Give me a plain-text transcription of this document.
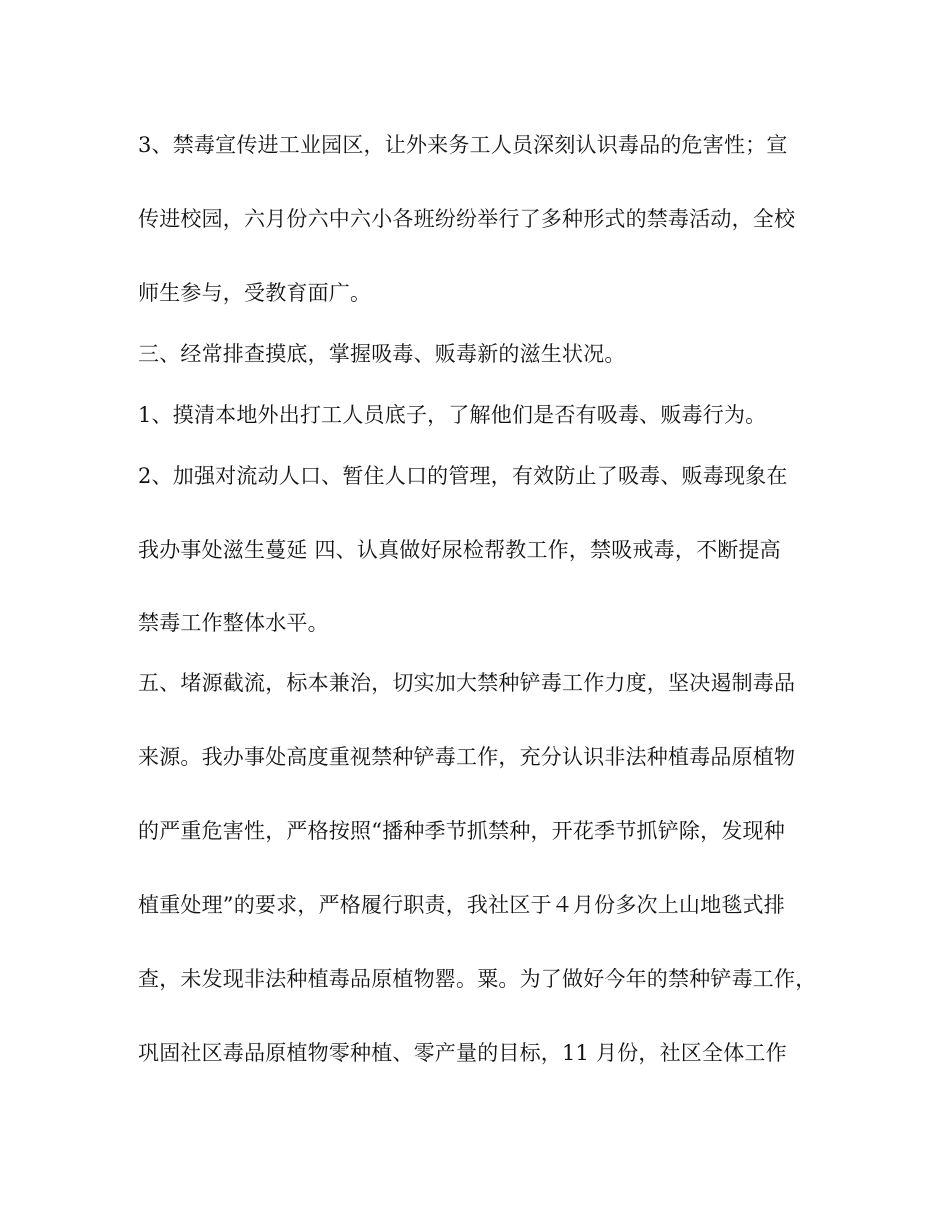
3、禁毒宣传进工业园区，让外来务工人员深刻认识毒品的危害性；宣
传进校园，六月份六中六小各班纷纷举行了多种形式的禁毒活动，全校
师生参与，受教育面广。
三、经常排查摸底，掌握吸毒、贩毒新的滋生状况。
1、摸清本地外出打工人员底子，了解他们是否有吸毒、贩毒行为。
2、加强对流动人口、暂住人口的管理，有效防止了吸毒、贩毒现象在
我办事处滋生蔓延 四、认真做好尿检帮教工作，禁吸戒毒，不断提高
禁毒工作整体水平。
五、堵源截流，标本兼治，切实加大禁种铲毒工作力度，坚决遏制毒品
来源。我办事处高度重视禁种铲毒工作，充分认识非法种植毒品原植物
的严重危害性，严格按照“播种季节抓禁种，开花季节抓铲除，发现种
植重处理”的要求，严格履行职责，我社区于４月份多次上山地毯式排
查，未发现非法种植毒品原植物罂。粟。为了做好今年的禁种铲毒工作，
巩固社区毒品原植物零种植、零产量的目标，11 月份，社区全体工作
